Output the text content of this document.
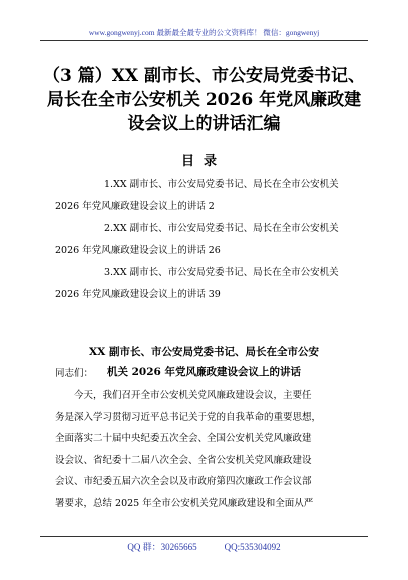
www.gongwenyj.com 最新最全最专业的公文资料库！ 微信：gongwenyj
（3 篇）XX 副市长、市公安局党委书记、
局长在全市公安机关 2026 年党风廉政建
设会议上的讲话汇编
目录
1.XX 副市长、市公安局党委书记、局长在全市公安机关
2026 年党风廉政建设会议上的讲话 2
2.XX 副市长、市公安局党委书记、局长在全市公安机关
2026 年党风廉政建设会议上的讲话 26
3.XX 副市长、市公安局党委书记、局长在全市公安机关
2026 年党风廉政建设会议上的讲话 39
XX 副市长、市公安局党委书记、局长在全市公安
机关 2026 年党风廉政建设会议上的讲话
同志们：
今天，我们召开全市公安机关党风廉政建设会议，主要任
务是深入学习贯彻习近平总书记关于党的自我革命的重要思想，
全面落实二十届中央纪委五次全会、全国公安机关党风廉政建
设会议、省纪委十二届八次全会、全省公安机关党风廉政建设
会议、市纪委五届六次全会以及市政府第四次廉政工作会议部
署要求，总结 2025 年全市公安机关党风廉政建设和全面从严
QQ 群：30265665	QQ:535304092
